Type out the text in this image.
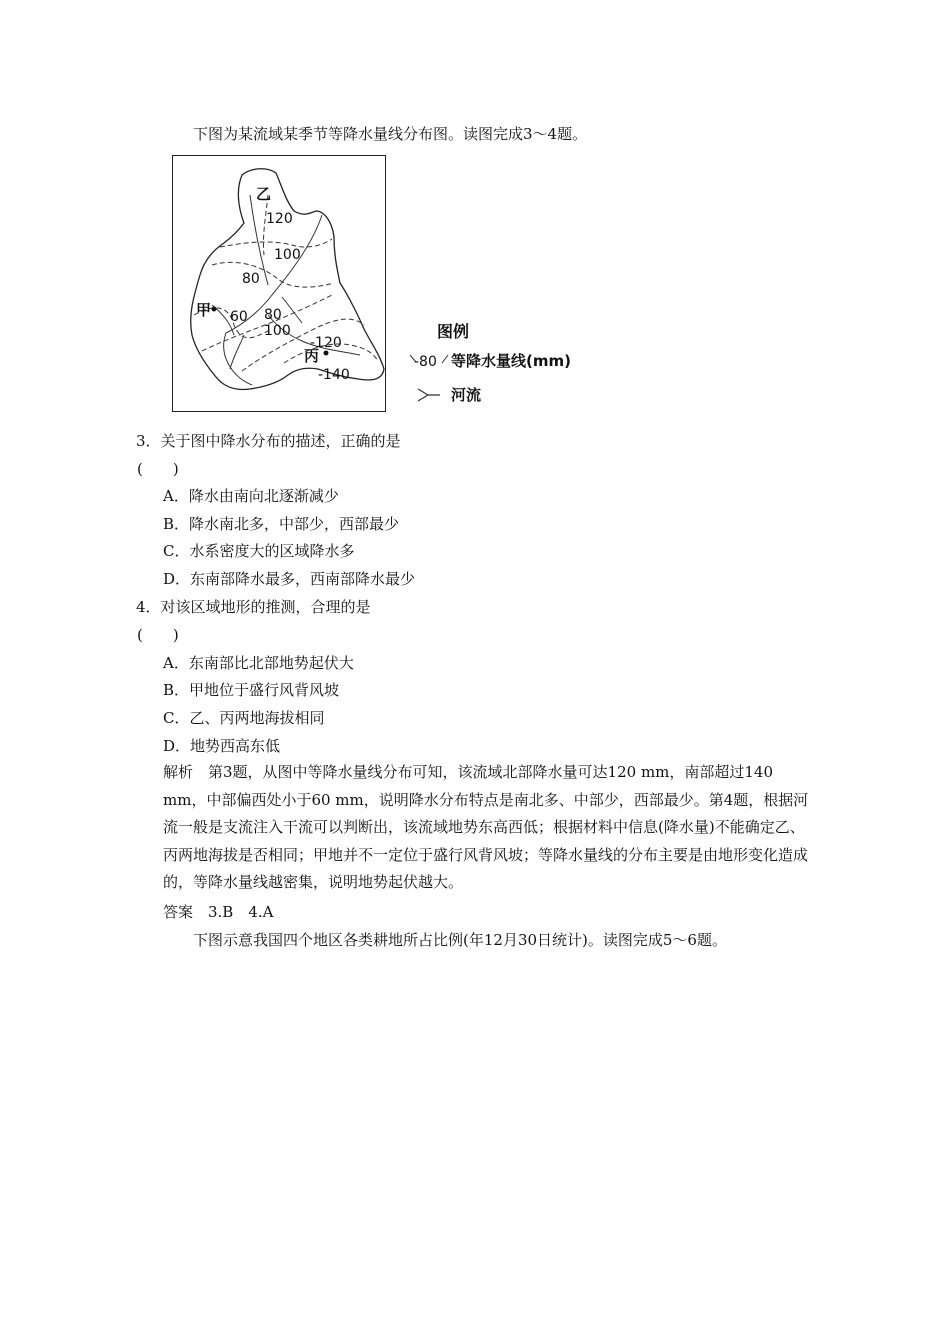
下图为某流域某季节等降水量线分布图。读图完成3～4题。
乙
120
100
80
甲 60 80
100
-120
丙
-140
图例
-80 等降水量线(mm)
河流
3．关于图中降水分布的描述，正确的是
(　　)
A．降水由南向北逐渐减少
B．降水南北多，中部少，西部最少
C．水系密度大的区域降水多
D．东南部降水最多，西南部降水最少
4．对该区域地形的推测，合理的是
(　　)
A．东南部比北部地势起伏大
B．甲地位于盛行风背风坡
C．乙、丙两地海拔相同
D．地势西高东低
解析　第3题，从图中等降水量线分布可知，该流域北部降水量可达120 mm，南部超过140 mm，中部偏西处小于60 mm，说明降水分布特点是南北多、中部少，西部最少。第4题，根据河流一般是支流注入干流可以判断出，该流域地势东高西低；根据材料中信息(降水量)不能确定乙、丙两地海拔是否相同；甲地并不一定位于盛行风背风坡；等降水量线的分布主要是由地形变化造成的，等降水量线越密集，说明地势起伏越大。
答案　3.B　4.A
下图示意我国四个地区各类耕地所占比例(年12月30日统计)。读图完成5～6题。
